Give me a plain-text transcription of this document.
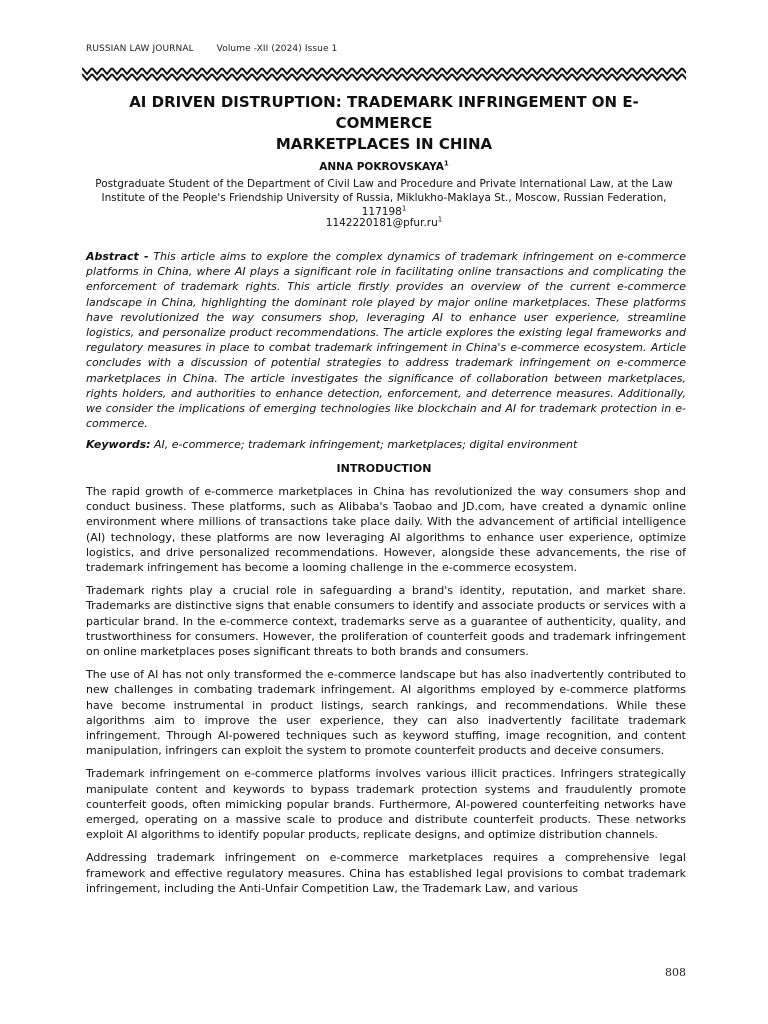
RUSSIAN LAW JOURNAL	Volume -XII (2024) Issue 1
AI DRIVEN DISTRUPTION: TRADEMARK INFRINGEMENT ON E-COMMERCE
MARKETPLACES IN CHINA
ANNA POKROVSKAYA$^1$
Postgraduate Student of the Department of Civil Law and Procedure and Private International Law, at the Law Institute of the People's Friendship University of Russia, Miklukho-Maklaya St., Moscow, Russian Federation, 117198$^1$
$1142220181@pfur.ru^1$
Abstract - This article aims to explore the complex dynamics of trademark infringement on e-commerce platforms in China, where AI plays a significant role in facilitating online transactions and complicating the enforcement of trademark rights. This article firstly provides an overview of the current e-commerce landscape in China, highlighting the dominant role played by major online marketplaces. These platforms have revolutionized the way consumers shop, leveraging AI to enhance user experience, streamline logistics, and personalize product recommendations. The article explores the existing legal frameworks and regulatory measures in place to combat trademark infringement in China's e-commerce ecosystem. Article concludes with a discussion of potential strategies to address trademark infringement on e-commerce marketplaces in China. The article investigates the significance of collaboration between marketplaces, rights holders, and authorities to enhance detection, enforcement, and deterrence measures. Additionally, we consider the implications of emerging technologies like blockchain and AI for trademark protection in e-commerce.
Keywords: AI, e-commerce; trademark infringement; marketplaces; digital environment
INTRODUCTION

The rapid growth of e-commerce marketplaces in China has revolutionized the way consumers shop and conduct business. These platforms, such as Alibaba's Taobao and JD.com, have created a dynamic online environment where millions of transactions take place daily. With the advancement of artificial intelligence (AI) technology, these platforms are now leveraging AI algorithms to enhance user experience, optimize logistics, and drive personalized recommendations. However, alongside these advancements, the rise of trademark infringement has become a looming challenge in the e-commerce ecosystem.

Trademark rights play a crucial role in safeguarding a brand's identity, reputation, and market share. Trademarks are distinctive signs that enable consumers to identify and associate products or services with a particular brand. In the e-commerce context, trademarks serve as a guarantee of authenticity, quality, and trustworthiness for consumers. However, the proliferation of counterfeit goods and trademark infringement on online marketplaces poses significant threats to both brands and consumers.

The use of AI has not only transformed the e-commerce landscape but has also inadvertently contributed to new challenges in combating trademark infringement. AI algorithms employed by e-commerce platforms have become instrumental in product listings, search rankings, and recommendations. While these algorithms aim to improve the user experience, they can also inadvertently facilitate trademark infringement. Through AI-powered techniques such as keyword stuffing, image recognition, and content manipulation, infringers can exploit the system to promote counterfeit products and deceive consumers.

Trademark infringement on e-commerce platforms involves various illicit practices. Infringers strategically manipulate content and keywords to bypass trademark protection systems and fraudulently promote counterfeit goods, often mimicking popular brands. Furthermore, AI-powered counterfeiting networks have emerged, operating on a massive scale to produce and distribute counterfeit products. These networks exploit AI algorithms to identify popular products, replicate designs, and optimize distribution channels.

Addressing trademark infringement on e-commerce marketplaces requires a comprehensive legal framework and effective regulatory measures. China has established legal provisions to combat trademark infringement, including the Anti-Unfair Competition Law, the Trademark Law, and various

808
